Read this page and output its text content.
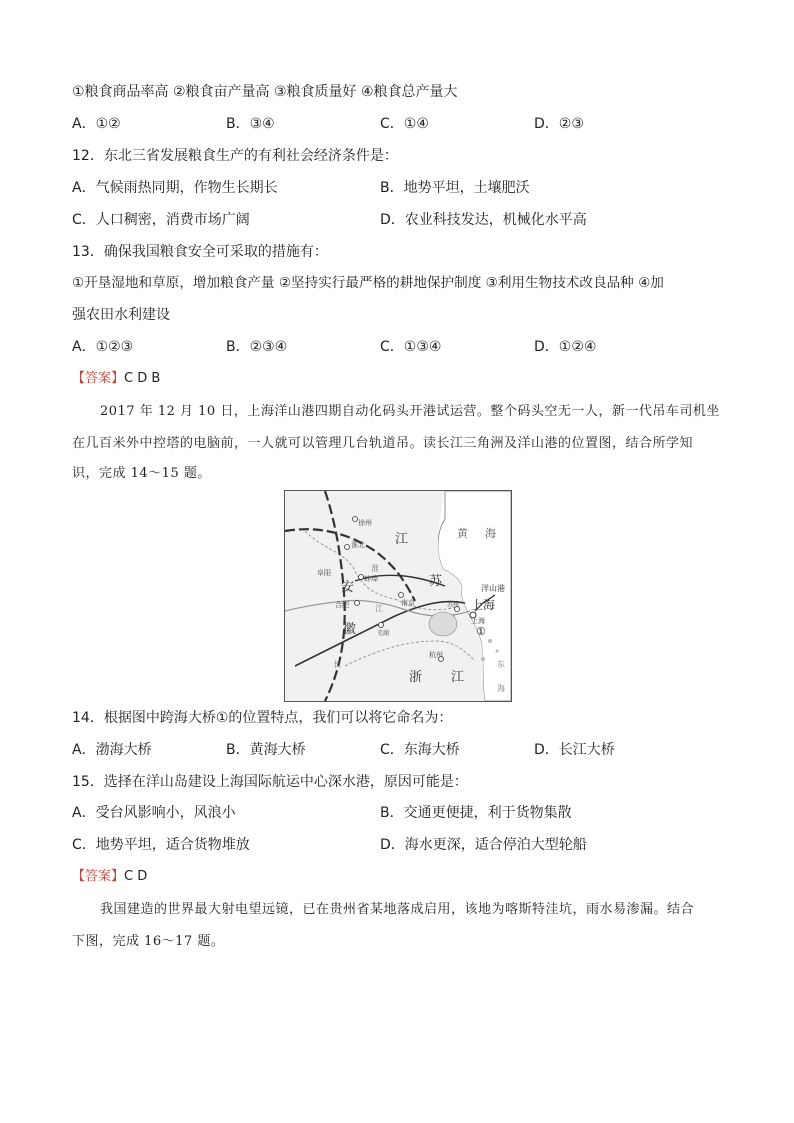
①粮食商品率高 ②粮食亩产量高 ③粮食质量好 ④粮食总产量大
A．①②	B．③④	C．①④	D．②③
12．东北三省发展粮食生产的有利社会经济条件是：
A．气候雨热同期，作物生长期长	B．地势平坦，土壤肥沃
C．人口稠密，消费市场广阔	D．农业科技发达，机械化水平高
13．确保我国粮食安全可采取的措施有：
①开垦湿地和草原，增加粮食产量 ②坚持实行最严格的耕地保护制度 ③利用生物技术改良品种 ④加
强农田水利建设
A．①②③	B．②③④	C．①③④	D．①②④
【答案】C D B
2017 年 12 月 10 日，上海洋山港四期自动化码头开港试运营。整个码头空无一人，新一代吊车司机坐
在几百米外中控塔的电脑前，一人就可以管理几台轨道吊。读长江三角洲及洋山港的位置图，结合所学知
识，完成 14～15 题。
黄 海
江
苏
安
徽
浙 江
上海
上海
洋山港
徐州
淮北
蚌埠
阜阳
合肥	南京	苏州
芜湖
杭州
淮
江
长	东
海
①
14．根据图中跨海大桥①的位置特点，我们可以将它命名为：
A．渤海大桥	B．黄海大桥	C．东海大桥	D．长江大桥
15．选择在洋山岛建设上海国际航运中心深水港，原因可能是：
A．受台风影响小，风浪小	B．交通更便捷，利于货物集散
C．地势平坦，适合货物堆放	D．海水更深，适合停泊大型轮船
【答案】C D
我国建造的世界最大射电望远镜，已在贵州省某地落成启用，该地为喀斯特洼坑，雨水易渗漏。结合
下图，完成 16～17 题。
